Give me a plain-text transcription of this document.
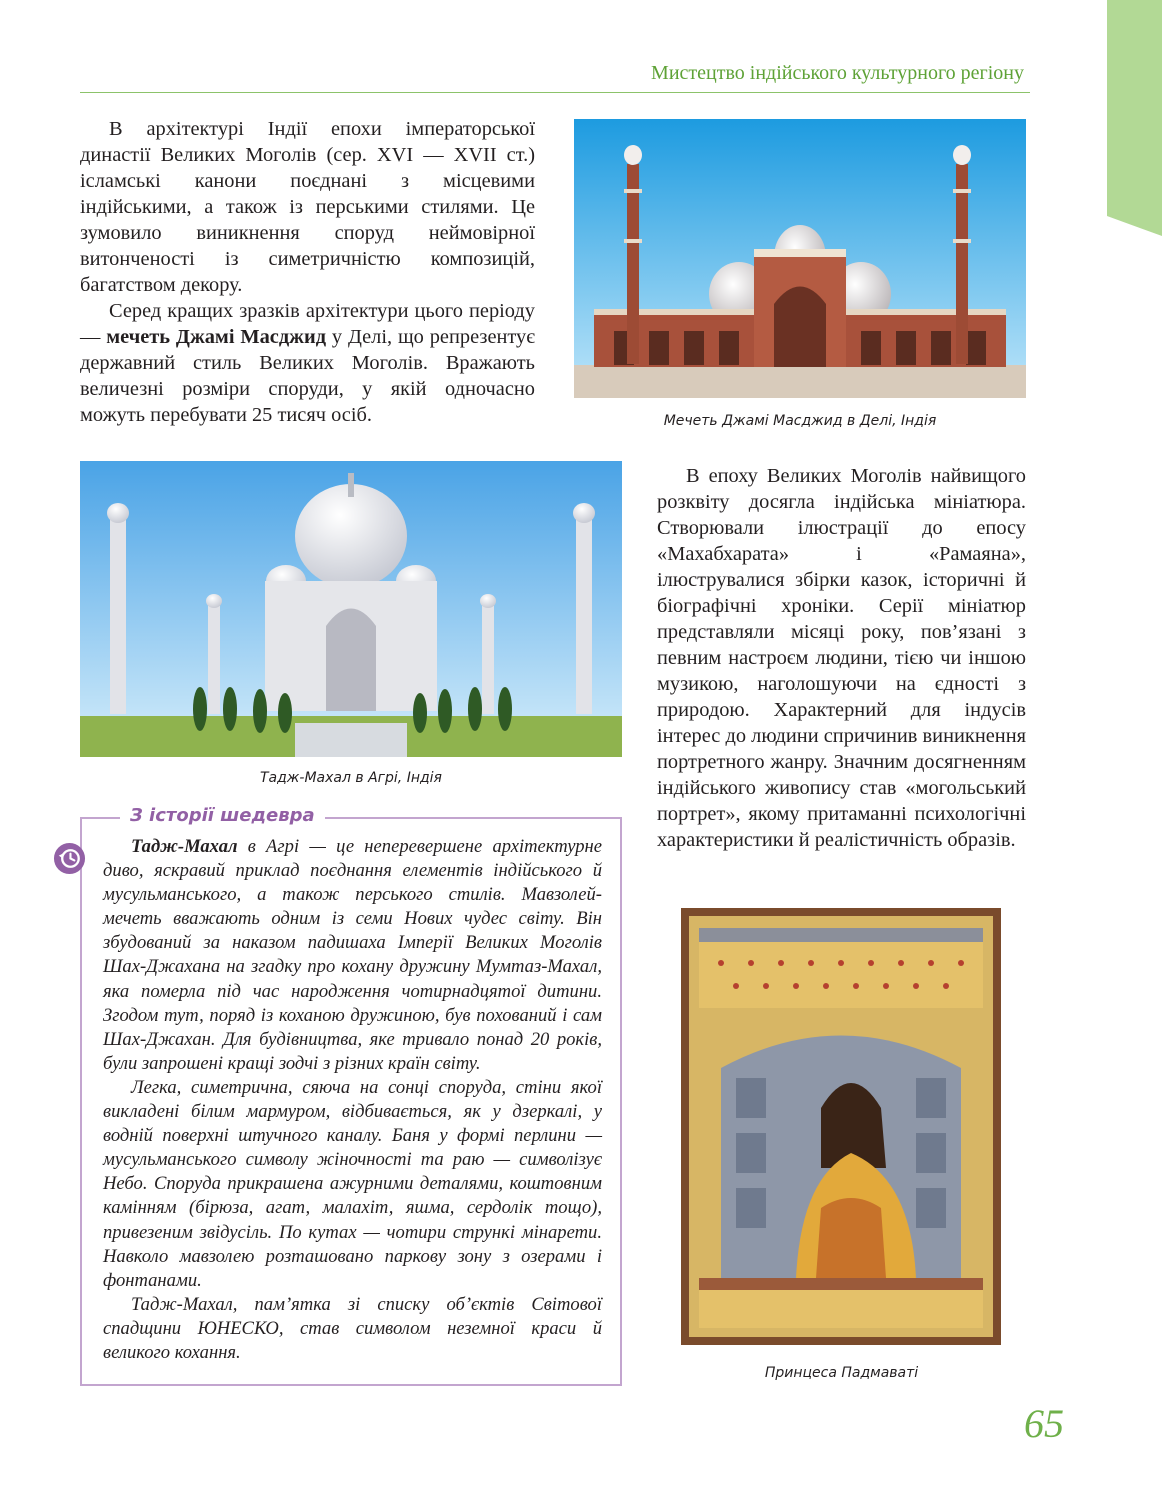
Мистецтво індійського культурного регіону

В архітектурі Індії епохи імператорської династії Великих Моголів (сер. XVI — XVII ст.) ісламські канони поєднані з місцевими індійськими, а також із перськими стилями. Це зумовило виникнення споруд неймовірної витонченості із симетричністю композицій, багатством декору.

Серед кращих зразків архітектури цього періоду — мечеть Джамі Масджид у Делі, що репрезентує державний стиль Великих Моголів. Вражають величезні розміри споруди, у якій одночасно можуть перебувати 25 тисяч осіб.	Мечеть Джамі Масджид в Делі, Індія
Тадж-Махал в Агрі, Індія

В епоху Великих Моголів найвищого розквіту досягла індійська мініатюра. Створювали ілюстрації до епосу «Махабхарата» і «Рамаяна», ілюструвалися збірки казок, історичні й біографічні хроніки. Серії мініатюр представляли місяці року, пов’язані з певним настроєм людини, тією чи іншою музикою, наголошуючи на єдності з природою. Характерний для індусів інтерес до людини спричинив виникнення портретного жанру. Значним досягненням індійського живопису став «могольський портрет», якому притаманні психологічні характеристики й реалістичність образів.

Принцеса Падмаваті
З історії шедевра

Тадж-Махал в Агрі — це неперевершене архітектурне диво, яскравий приклад поєднання елементів індійського й мусульманського, а також перського стилів. Мавзолей-мечеть вважають одним із семи Нових чудес світу. Він збудований за наказом падишаха Імперії Великих Моголів Шах-Джахана на згадку про кохану дружину Мумтаз-Махал, яка померла під час народження чотирнадцятої дитини. Згодом тут, поряд із коханою дружиною, був похований і сам Шах-Джахан. Для будівництва, яке тривало понад 20 років, були запрошені кращі зодчі з різних країн світу.

Легка, симетрична, сяюча на сонці споруда, стіни якої викладені білим мармуром, відбивається, як у дзеркалі, у водній поверхні штучного каналу. Баня у формі перлини — мусульманського символу жіночності та раю — символізує Небо. Споруда прикрашена ажурними деталями, коштовним камінням (бірюза, агат, малахіт, яшма, сердолік тощо), привезеним звідусіль. По кутах — чотири стрункі мінарети. Навколо мавзолею розташовано паркову зону з озерами і фонтанами.

Тадж-Махал, пам’ятка зі списку об’єктів Світової спадщини ЮНЕСКО, став символом неземної краси й великого кохання.

65
